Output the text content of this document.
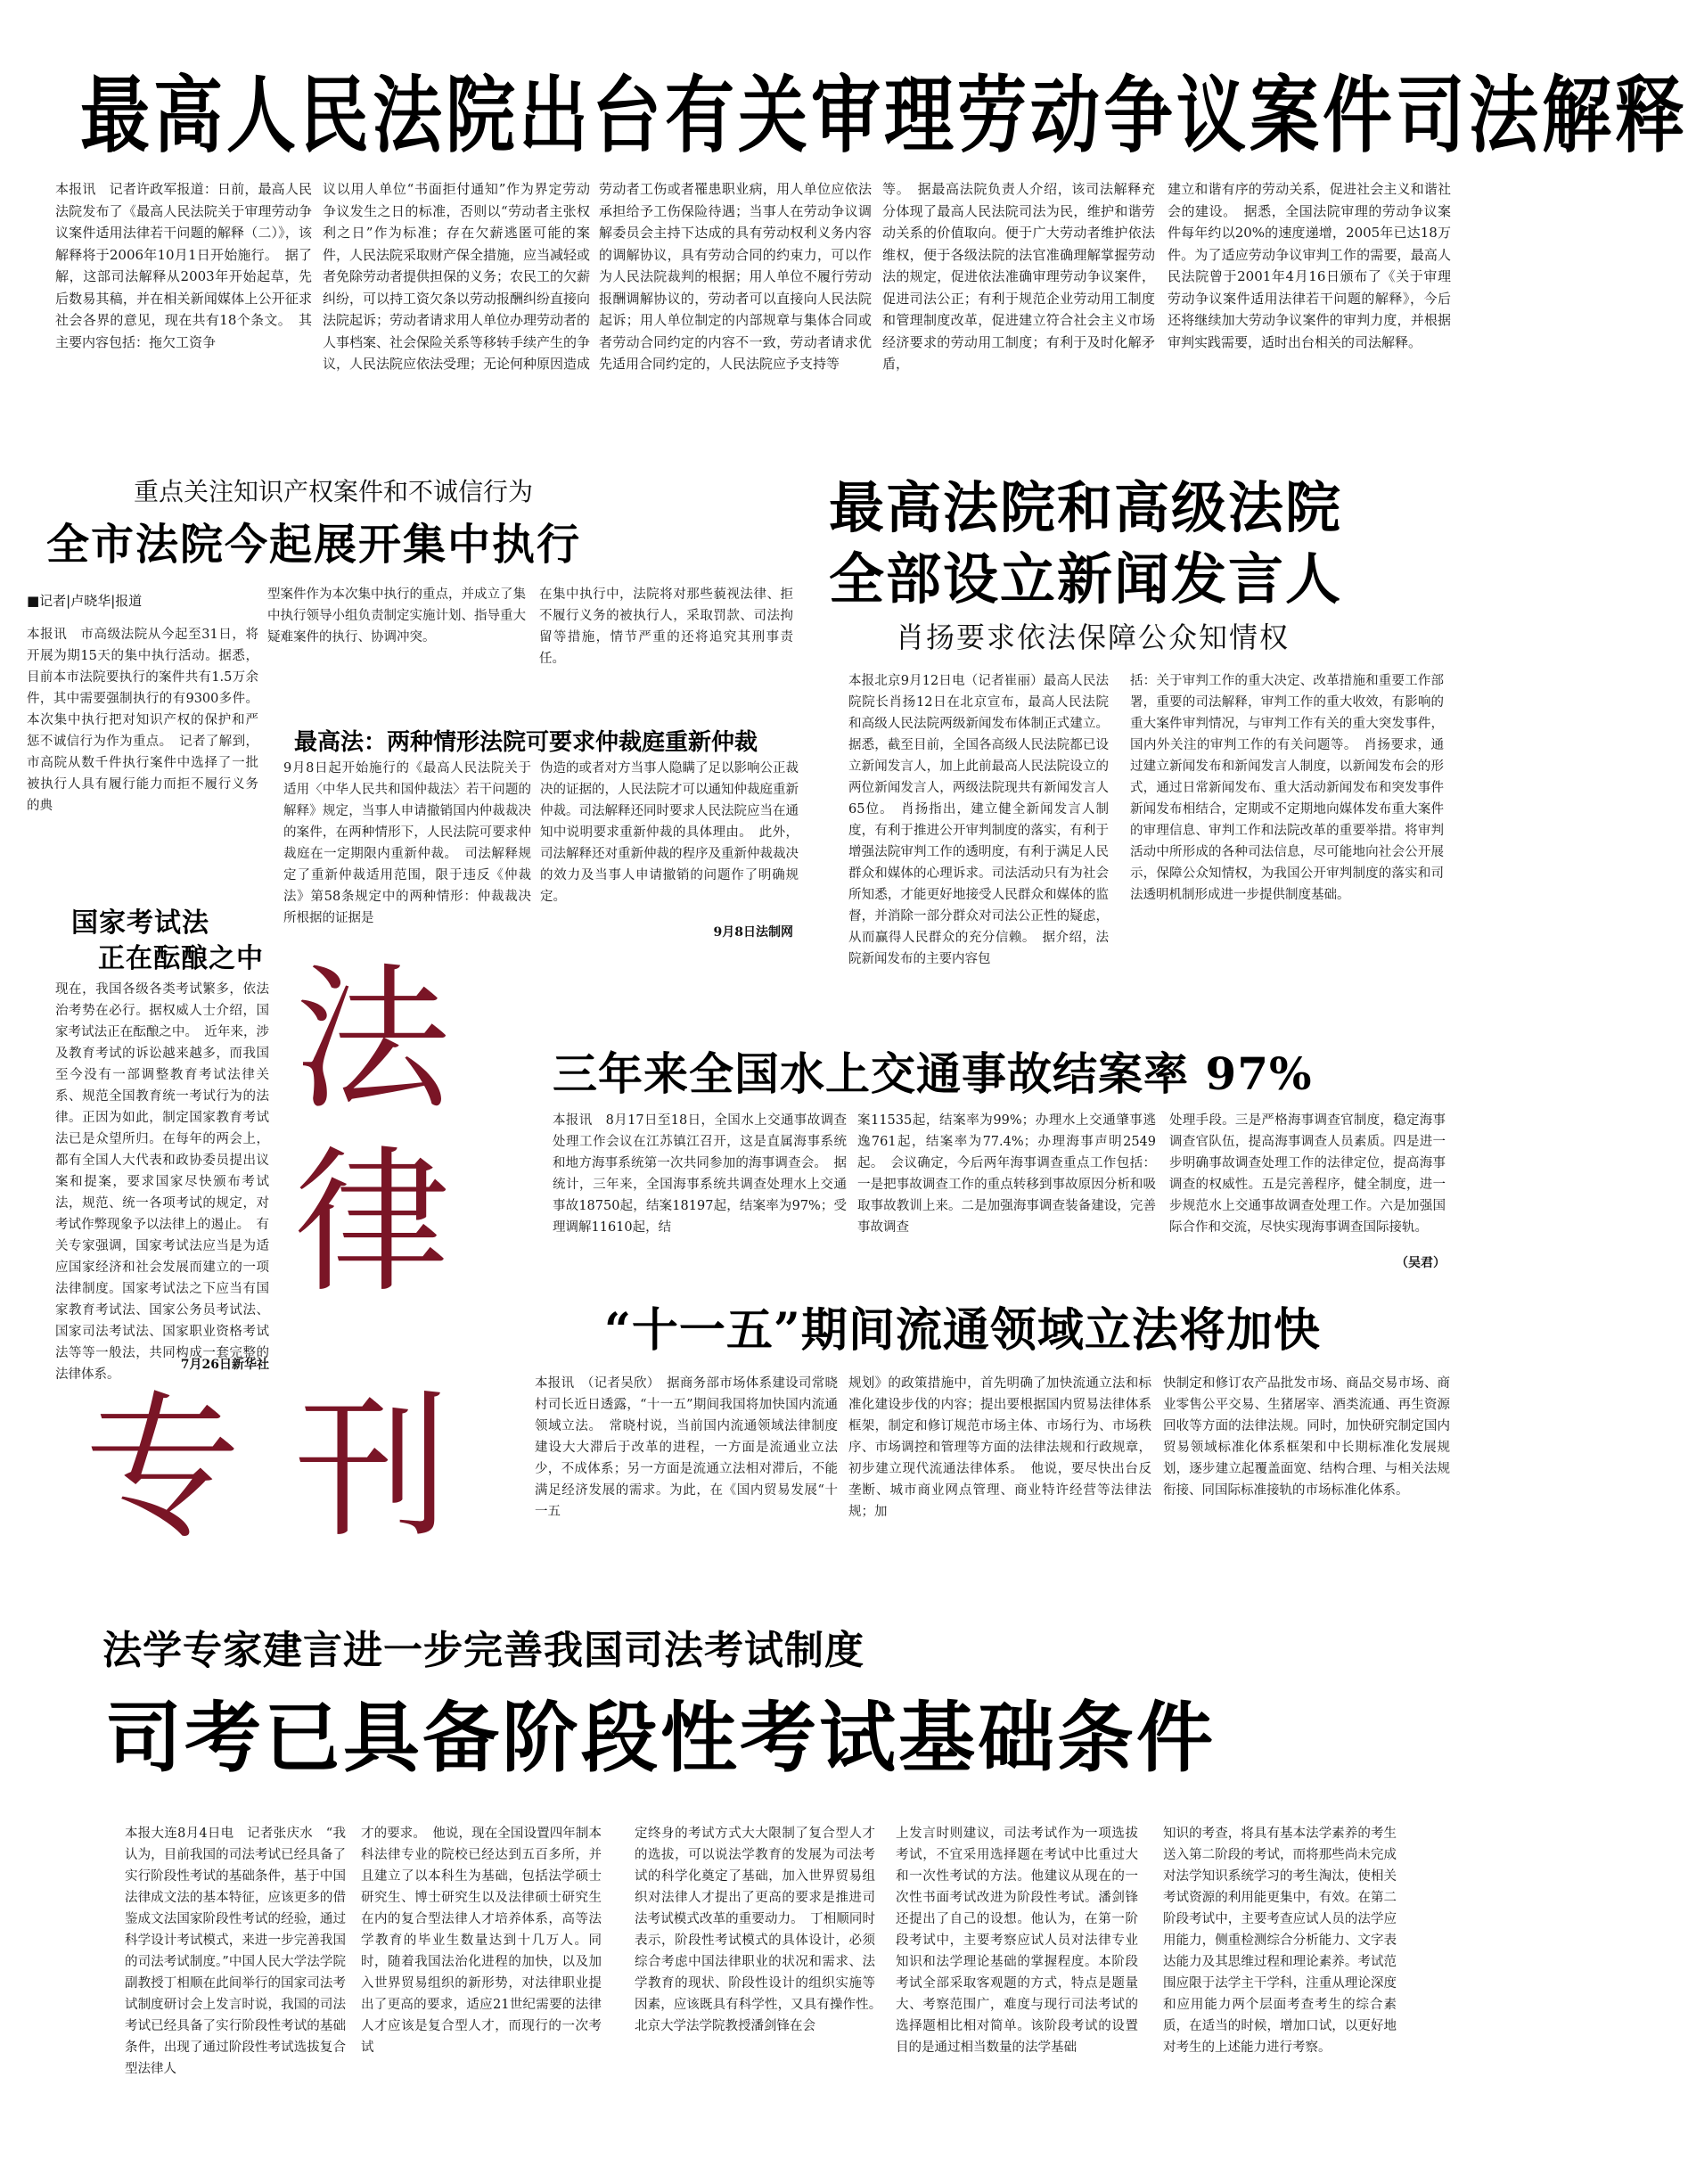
最高人民法院出台有关审理劳动争议案件司法解释
本报讯　记者许政军报道：日前，最高人民法院发布了《最高人民法院关于审理劳动争议案件适用法律若干问题的解释（二）》，该解释将于2006年10月1日开始施行。　据了解，这部司法解释从2003年开始起草，先后数易其稿，并在相关新闻媒体上公开征求社会各界的意见，现在共有18个条文。　其主要内容包括：拖欠工资争
议以用人单位“书面拒付通知”作为界定劳动争议发生之日的标准，否则以“劳动者主张权利之日”作为标准；存在欠薪逃匿可能的案件，人民法院采取财产保全措施，应当减轻或者免除劳动者提供担保的义务；农民工的欠薪纠纷，可以持工资欠条以劳动报酬纠纷直接向法院起诉；劳动者请求用人单位办理劳动者的人事档案、社会保险关系等移转手续产生的争议，人民法院应依法受理；无论何种原因造成
劳动者工伤或者罹患职业病，用人单位应依法承担给予工伤保险待遇；当事人在劳动争议调解委员会主持下达成的具有劳动权利义务内容的调解协议，具有劳动合同的约束力，可以作为人民法院裁判的根据；用人单位不履行劳动报酬调解协议的，劳动者可以直接向人民法院起诉；用人单位制定的内部规章与集体合同或者劳动合同约定的内容不一致，劳动者请求优先适用合同约定的，人民法院应予支持等
等。　据最高法院负责人介绍，该司法解释充分体现了最高人民法院司法为民，维护和谐劳动关系的价值取向。便于广大劳动者维护依法维权，便于各级法院的法官准确理解掌握劳动法的规定，促进依法准确审理劳动争议案件，促进司法公正；有利于规范企业劳动用工制度和管理制度改革，促进建立符合社会主义市场经济要求的劳动用工制度；有利于及时化解矛盾，
建立和谐有序的劳动关系，促进社会主义和谐社会的建设。　据悉，全国法院审理的劳动争议案件每年约以20%的速度递增，2005年已达18万件。为了适应劳动争议审判工作的需要，最高人民法院曾于2001年4月16日颁布了《关于审理劳动争议案件适用法律若干问题的解释》，今后还将继续加大劳动争议案件的审判力度，并根据审判实践需要，适时出台相关的司法解释。
重点关注知识产权案件和不诚信行为
全市法院今起展开集中执行
■记者|卢晓华|报道
本报讯　市高级法院从今起至31日，将开展为期15天的集中执行活动。据悉，目前本市法院要执行的案件共有1.5万余件，其中需要强制执行的有9300多件。本次集中执行把对知识产权的保护和严惩不诚信行为作为重点。　记者了解到，市高院从数千件执行案件中选择了一批被执行人具有履行能力而拒不履行义务的典
型案件作为本次集中执行的重点，并成立了集中执行领导小组负责制定实施计划、指导重大疑难案件的执行、协调冲突。
在集中执行中，法院将对那些藐视法律、拒不履行义务的被执行人，采取罚款、司法拘留等措施，情节严重的还将追究其刑事责任。
最高法：两种情形法院可要求仲裁庭重新仲裁
9月8日起开始施行的《最高人民法院关于适用〈中华人民共和国仲裁法〉若干问题的解释》规定，当事人申请撤销国内仲裁裁决的案件，在两种情形下，人民法院可要求仲裁庭在一定期限内重新仲裁。　司法解释规定了重新仲裁适用范围，限于违反《仲裁法》第58条规定中的两种情形：仲裁裁决所根据的证据是
伪造的或者对方当事人隐瞒了足以影响公正裁决的证据的，人民法院才可以通知仲裁庭重新仲裁。司法解释还同时要求人民法院应当在通知中说明要求重新仲裁的具体理由。　此外，司法解释还对重新仲裁的程序及重新仲裁裁决的效力及当事人申请撤销的问题作了明确规定。
9月8日法制网
国家考试法
正在酝酿之中
现在，我国各级各类考试繁多，依法治考势在必行。据权威人士介绍，国家考试法正在酝酿之中。　近年来，涉及教育考试的诉讼越来越多，而我国至今没有一部调整教育考试法律关系、规范全国教育统一考试行为的法律。正因为如此，制定国家教育考试法已是众望所归。在每年的两会上，都有全国人大代表和政协委员提出议案和提案，要求国家尽快颁布考试法，规范、统一各项考试的规定，对考试作弊现象予以法律上的遏止。　有关专家强调，国家考试法应当是为适应国家经济和社会发展而建立的一项法律制度。国家考试法之下应当有国家教育考试法、国家公务员考试法、国家司法考试法、国家职业资格考试法等等一般法，共同构成一套完整的法律体系。
7月26日新华社
最高法院和高级法院
全部设立新闻发言人
肖扬要求依法保障公众知情权
本报北京9月12日电（记者崔丽）最高人民法院院长肖扬12日在北京宣布，最高人民法院和高级人民法院两级新闻发布体制正式建立。据悉，截至目前，全国各高级人民法院都已设立新闻发言人，加上此前最高人民法院设立的两位新闻发言人，两级法院现共有新闻发言人65位。　肖扬指出，建立健全新闻发言人制度，有利于推进公开审判制度的落实，有利于增强法院审判工作的透明度，有利于满足人民群众和媒体的心理诉求。司法活动只有为社会所知悉，才能更好地接受人民群众和媒体的监督，并消除一部分群众对司法公正性的疑虑，从而赢得人民群众的充分信赖。　据介绍，法院新闻发布的主要内容包
括：关于审判工作的重大决定、改革措施和重要工作部署，重要的司法解释，审判工作的重大收效，有影响的重大案件审判情况，与审判工作有关的重大突发事件，国内外关注的审判工作的有关问题等。　肖扬要求，通过建立新闻发布和新闻发言人制度，以新闻发布会的形式，通过日常新闻发布、重大活动新闻发布和突发事件新闻发布相结合，定期或不定期地向媒体发布重大案件的审理信息、审判工作和法院改革的重要举措。将审判活动中所形成的各种司法信息，尽可能地向社会公开展示，保障公众知情权，为我国公开审判制度的落实和司法透明机制形成进一步提供制度基础。
法
律
专 刊
三年来全国水上交通事故结案率 97%
本报讯　8月17日至18日，全国水上交通事故调查处理工作会议在江苏镇江召开，这是直属海事系统和地方海事系统第一次共同参加的海事调查会。　据统计，三年来，全国海事系统共调查处理水上交通事故18750起，结案18197起，结案率为97%；受理调解11610起，结
案11535起，结案率为99%；办理水上交通肇事逃逸761起，结案率为77.4%；办理海事声明2549起。　会议确定，今后两年海事调查重点工作包括：一是把事故调查工作的重点转移到事故原因分析和吸取事故教训上来。二是加强海事调查装备建设，完善事故调查
处理手段。三是严格海事调查官制度，稳定海事调查官队伍，提高海事调查人员素质。四是进一步明确事故调查处理工作的法律定位，提高海事调查的权威性。五是完善程序，健全制度，进一步规范水上交通事故调查处理工作。六是加强国际合作和交流，尽快实现海事调查国际接轨。
（吴君）
“十一五”期间流通领域立法将加快
本报讯　（记者吴欣）　据商务部市场体系建设司常晓村司长近日透露，“十一五”期间我国将加快国内流通领域立法。　常晓村说，当前国内流通领域法律制度建设大大滞后于改革的进程，一方面是流通业立法少，不成体系；另一方面是流通立法相对滞后，不能满足经济发展的需求。为此，在《国内贸易发展“十一五
规划》的政策措施中，首先明确了加快流通立法和标准化建设步伐的内容；提出要根据国内贸易法律体系框架，制定和修订规范市场主体、市场行为、市场秩序、市场调控和管理等方面的法律法规和行政规章，初步建立现代流通法律体系。　他说，要尽快出台反垄断、城市商业网点管理、商业特许经营等法律法规；加
快制定和修订农产品批发市场、商品交易市场、商业零售公平交易、生猪屠宰、酒类流通、再生资源回收等方面的法律法规。同时，加快研究制定国内贸易领域标准化体系框架和中长期标准化发展规划，逐步建立起覆盖面宽、结构合理、与相关法规衔接、同国际标准接轨的市场标准化体系。
法学专家建言进一步完善我国司法考试制度
司考已具备阶段性考试基础条件
本报大连8月4日电　记者张庆水　“我认为，目前我国的司法考试已经具备了实行阶段性考试的基础条件，基于中国法律成文法的基本特征，应该更多的借鉴成文法国家阶段性考试的经验，通过科学设计考试模式，来进一步完善我国的司法考试制度。”中国人民大学法学院副教授丁相顺在此间举行的国家司法考试制度研讨会上发言时说，我国的司法考试已经具备了实行阶段性考试的基础条件，出现了通过阶段性考试选拔复合型法律人
才的要求。　他说，现在全国设置四年制本科法律专业的院校已经达到五百多所，并且建立了以本科生为基础，包括法学硕士研究生、博士研究生以及法律硕士研究生在内的复合型法律人才培养体系，高等法学教育的毕业生数量达到十几万人。同时，随着我国法治化进程的加快，以及加入世界贸易组织的新形势，对法律职业提出了更高的要求，适应21世纪需要的法律人才应该是复合型人才，而现行的一次考试
定终身的考试方式大大限制了复合型人才的选拔，可以说法学教育的发展为司法考试的科学化奠定了基础，加入世界贸易组织对法律人才提出了更高的要求是推进司法考试模式改革的重要动力。　丁相顺同时表示，阶段性考试模式的具体设计，必须综合考虑中国法律职业的状况和需求、法学教育的现状、阶段性设计的组织实施等因素，应该既具有科学性，又具有操作性。　北京大学法学院教授潘剑锋在会
上发言时则建议，司法考试作为一项选拔考试，不宜采用选择题在考试中比重过大和一次性考试的方法。他建议从现在的一次性书面考试改进为阶段性考试。潘剑锋还提出了自己的设想。他认为，在第一阶段考试中，主要考察应试人员对法律专业知识和法学理论基础的掌握程度。本阶段考试全部采取客观题的方式，特点是题量大、考察范围广，难度与现行司法考试的选择题相比相对简单。该阶段考试的设置目的是通过相当数量的法学基础
知识的考查，将具有基本法学素养的考生送入第二阶段的考试，而将那些尚未完成对法学知识系统学习的考生淘汰，使相关考试资源的利用能更集中，有效。在第二阶段考试中，主要考查应试人员的法学应用能力，侧重检测综合分析能力、文字表达能力及其思维过程和理论素养。考试范围应限于法学主干学科，注重从理论深度和应用能力两个层面考查考生的综合素质，在适当的时候，增加口试，以更好地对考生的上述能力进行考察。
